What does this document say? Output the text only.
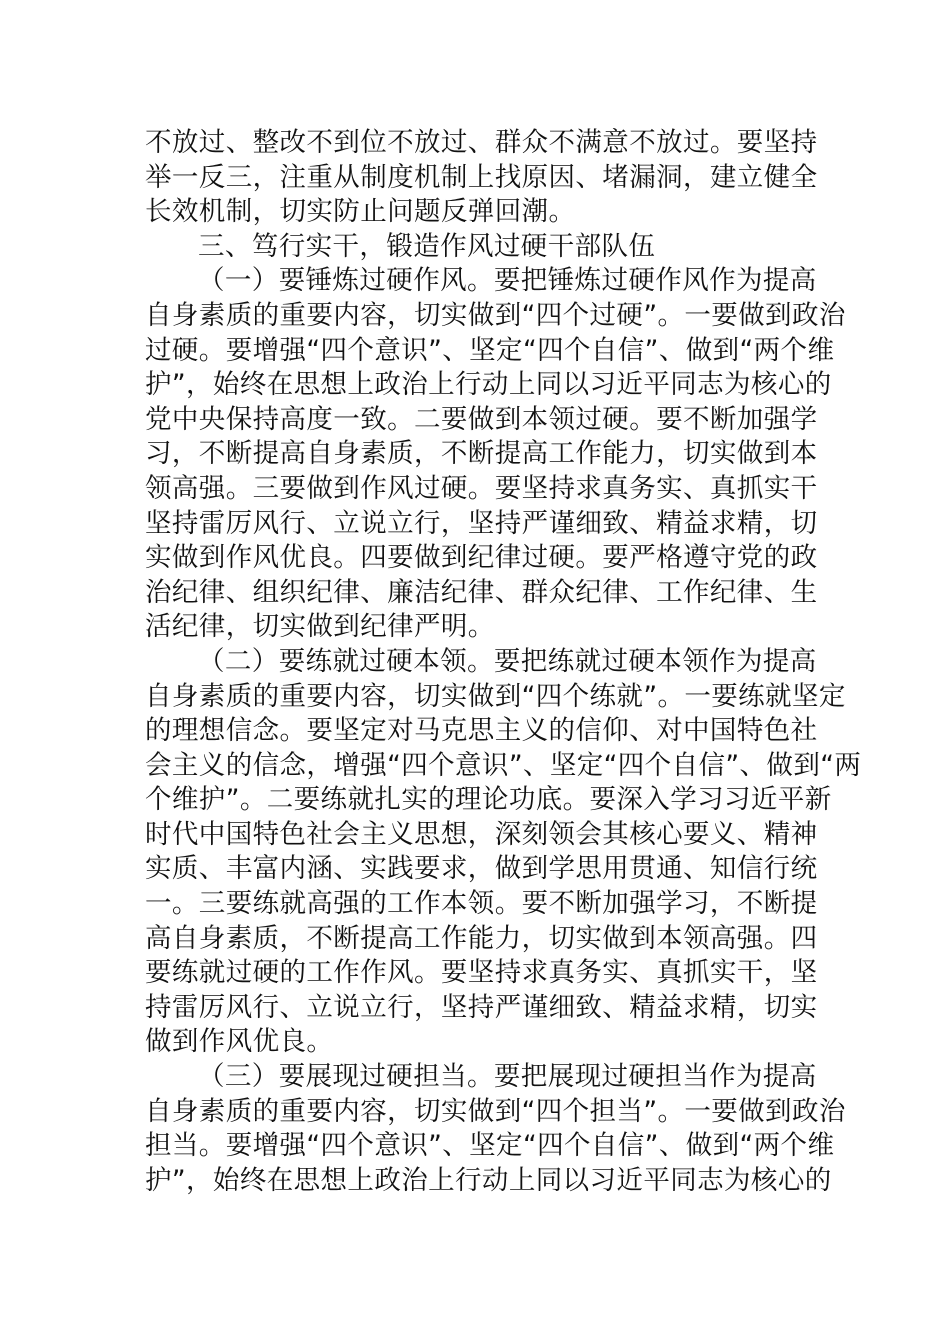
不放过、整改不到位不放过、群众不满意不放过。要坚持
举一反三，注重从制度机制上找原因、堵漏洞，建立健全
长效机制，切实防止问题反弹回潮。
三、笃行实干，锻造作风过硬干部队伍
（一）要锤炼过硬作风。要把锤炼过硬作风作为提高
自身素质的重要内容，切实做到“四个过硬”。一要做到政治
过硬。要增强“四个意识”、坚定“四个自信”、做到“两个维
护”，始终在思想上政治上行动上同以习近平同志为核心的
党中央保持高度一致。二要做到本领过硬。要不断加强学
习，不断提高自身素质，不断提高工作能力，切实做到本
领高强。三要做到作风过硬。要坚持求真务实、真抓实干
坚持雷厉风行、立说立行，坚持严谨细致、精益求精，切
实做到作风优良。四要做到纪律过硬。要严格遵守党的政
治纪律、组织纪律、廉洁纪律、群众纪律、工作纪律、生
活纪律，切实做到纪律严明。
（二）要练就过硬本领。要把练就过硬本领作为提高
自身素质的重要内容，切实做到“四个练就”。一要练就坚定
的理想信念。要坚定对马克思主义的信仰、对中国特色社
会主义的信念，增强“四个意识”、坚定“四个自信”、做到“两
个维护”。二要练就扎实的理论功底。要深入学习习近平新
时代中国特色社会主义思想，深刻领会其核心要义、精神
实质、丰富内涵、实践要求，做到学思用贯通、知信行统
一。三要练就高强的工作本领。要不断加强学习，不断提
高自身素质，不断提高工作能力，切实做到本领高强。四
要练就过硬的工作作风。要坚持求真务实、真抓实干，坚
持雷厉风行、立说立行，坚持严谨细致、精益求精，切实
做到作风优良。
（三）要展现过硬担当。要把展现过硬担当作为提高
自身素质的重要内容，切实做到“四个担当”。一要做到政治
担当。要增强“四个意识”、坚定“四个自信”、做到“两个维
护”，始终在思想上政治上行动上同以习近平同志为核心的
